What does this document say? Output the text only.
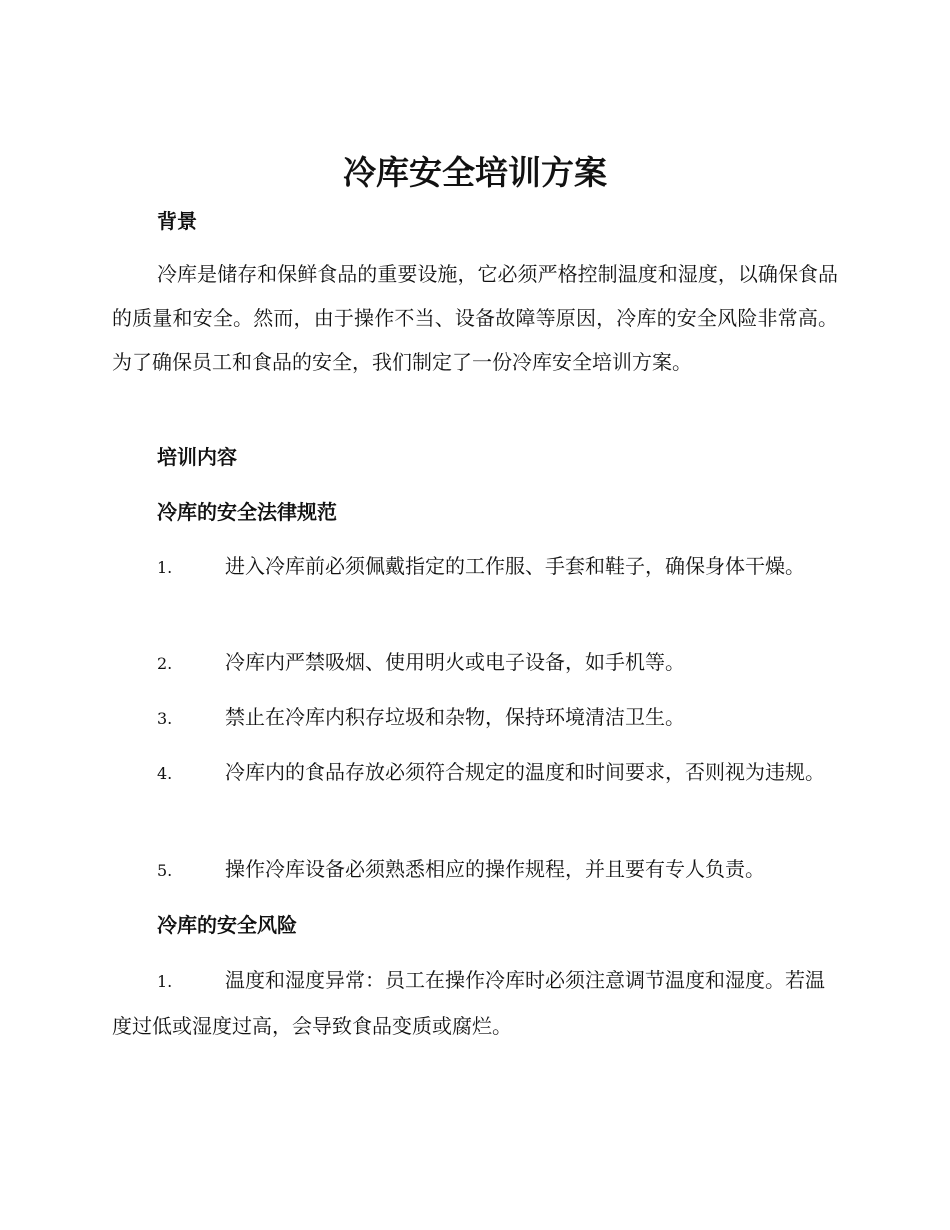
冷库安全培训方案
背景

冷库是储存和保鲜食品的重要设施，它必须严格控制温度和湿度，以确保食品的质量和安全。然而，由于操作不当、设备故障等原因，冷库的安全风险非常高。为了确保员工和食品的安全，我们制定了一份冷库安全培训方案。

培训内容
冷库的安全法律规范

1.	进入冷库前必须佩戴指定的工作服、手套和鞋子，确保身体干燥。

2.	冷库内严禁吸烟、使用明火或电子设备，如手机等。

3.	禁止在冷库内积存垃圾和杂物，保持环境清洁卫生。

4.	冷库内的食品存放必须符合规定的温度和时间要求，否则视为违规。

5.	操作冷库设备必须熟悉相应的操作规程，并且要有专人负责。

冷库的安全风险

1.	温度和湿度异常：员工在操作冷库时必须注意调节温度和湿度。若温度过低或湿度过高，会导致食品变质或腐烂。
